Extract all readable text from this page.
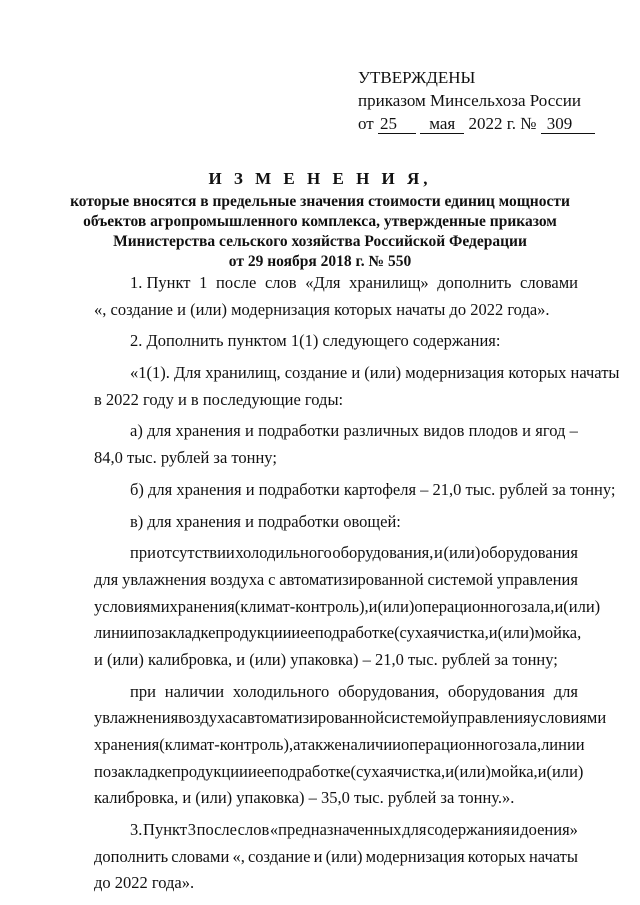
УТВЕРЖДЕНЫ
приказом Минсельхоза России
от 25 мая 2022 г. № 309
И З М Е Н Е Н И Я,
которые вносятся в предельные значения стоимости единиц мощности
объектов агропромышленного комплекса, утвержденные приказом
Министерства сельского хозяйства Российской Федерации
от 29 ноября 2018 г. № 550
1. Пункт 1 после слов «Для хранилищ» дополнить словами
«, создание и (или) модернизация которых начаты до 2022 года».
2. Дополнить пунктом 1(1) следующего содержания:
«1(1). Для хранилищ, создание и (или) модернизация которых начаты
в 2022 году и в последующие годы:
а) для хранения и подработки различных видов плодов и ягод –
84,0 тыс. рублей за тонну;
б) для хранения и подработки картофеля – 21,0 тыс. рублей за тонну;
в) для хранения и подработки овощей:
при отсутствии холодильного оборудования, и (или) оборудования
для увлажнения воздуха с автоматизированной системой управления
условиями хранения (климат-контроль), и (или) операционного зала, и (или)
линии по закладке продукции и ее подработке (сухая чистка, и (или) мойка,
и (или) калибровка, и (или) упаковка) – 21,0 тыс. рублей за тонну;
при наличии холодильного оборудования, оборудования для
увлажнения воздуха с автоматизированной системой управления условиями
хранения (климат-контроль), а также наличии операционного зала, линии
по закладке продукции и ее подработке (сухая чистка, и (или) мойка, и (или)
калибровка, и (или) упаковка) – 35,0 тыс. рублей за тонну.».
3. Пункт 3 после слов «предназначенных для содержания и доения»
дополнить словами «, создание и (или) модернизация которых начаты
до 2022 года».
